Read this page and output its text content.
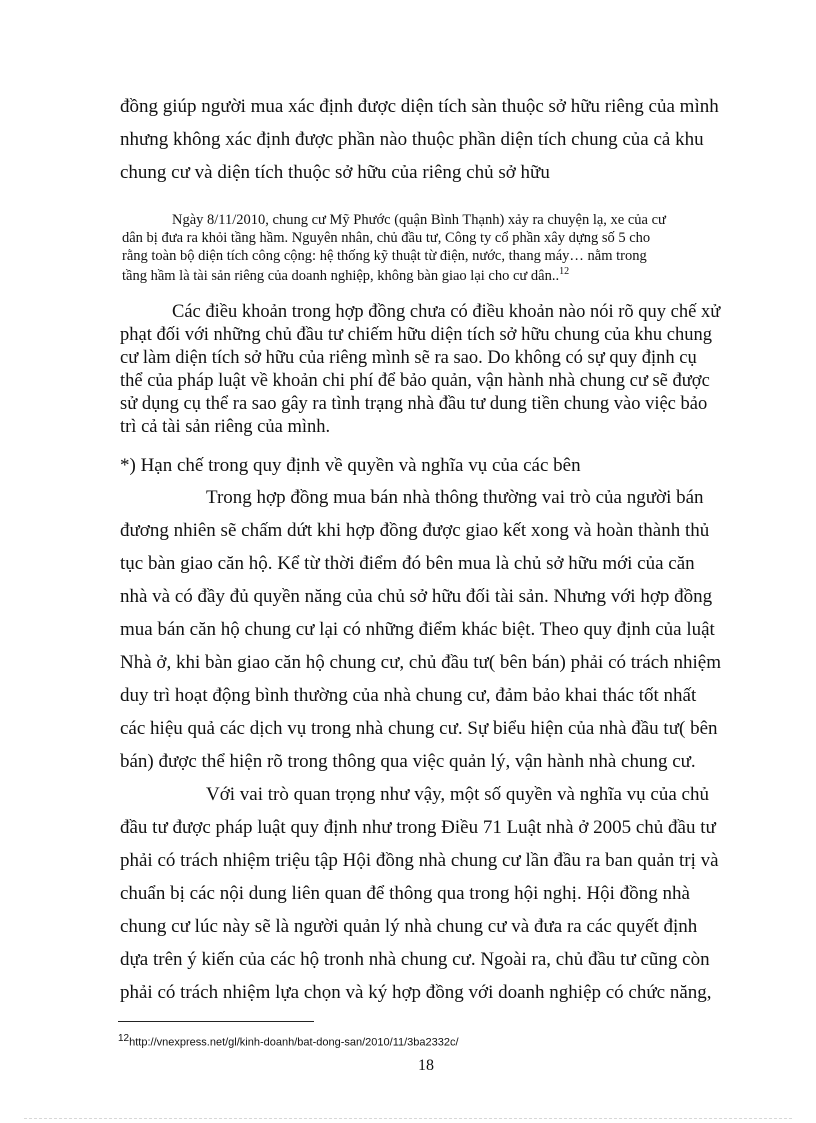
đồng giúp người mua xác định được diện tích sàn thuộc sở hữu riêng của mình
nhưng không xác định được phần nào thuộc phần diện tích chung của cả khu
chung cư và diện tích thuộc sở hữu của riêng chủ sở hữu
Ngày 8/11/2010, chung cư Mỹ Phước (quận Bình Thạnh) xảy ra chuyện lạ, xe của cư
dân bị đưa ra khỏi tầng hầm. Nguyên nhân, chủ đầu tư, Công ty cổ phần xây dựng số 5 cho
rằng toàn bộ diện tích công cộng: hệ thống kỹ thuật từ điện, nước, thang máy… nằm trong
tầng hầm là tài sản riêng của doanh nghiệp, không bàn giao lại cho cư dân..$^{12}$
Các điều khoản trong hợp đồng chưa có điều khoản nào nói rõ quy chế xử
phạt đối với những chủ đầu tư chiếm hữu diện tích sở hữu chung của khu chung
cư làm diện tích sở hữu của riêng mình sẽ ra sao. Do không có sự quy định cụ
thể của pháp luật về khoản chi phí để bảo quản, vận hành nhà chung cư sẽ được
sử dụng cụ thể ra sao gây ra tình trạng nhà đầu tư dung tiền chung vào việc bảo
trì cả tài sản riêng của mình.
*) Hạn chế trong quy định về quyền và nghĩa vụ của các bên
Trong hợp đồng mua bán nhà thông thường vai trò của người bán
đương nhiên sẽ chấm dứt khi hợp đồng được giao kết xong và hoàn thành thủ
tục bàn giao căn hộ. Kể từ thời điểm đó bên mua là chủ sở hữu mới của căn
nhà và có đầy đủ quyền năng của chủ sở hữu đối tài sản. Nhưng với hợp đồng
mua bán căn hộ chung cư lại có những điểm khác biệt. Theo quy định của luật
Nhà ở, khi bàn giao căn hộ chung cư, chủ đầu tư( bên bán) phải có trách nhiệm
duy trì hoạt động bình thường của nhà chung cư, đảm bảo khai thác tốt nhất
các hiệu quả các dịch vụ trong nhà chung cư. Sự biểu hiện của nhà đầu tư( bên
bán) được thể hiện rõ trong thông qua việc quản lý, vận hành nhà chung cư.
Với vai trò quan trọng như vậy, một số quyền và nghĩa vụ của chủ
đầu tư được pháp luật quy định như trong Điều 71 Luật nhà ở 2005 chủ đầu tư
phải có trách nhiệm triệu tập Hội đồng nhà chung cư lần đầu ra ban quản trị và
chuẩn bị các nội dung liên quan để thông qua trong hội nghị. Hội đồng nhà
chung cư lúc này sẽ là người quản lý nhà chung cư và đưa ra các quyết định
dựa trên ý kiến của các hộ tronh nhà chung cư. Ngoài ra, chủ đầu tư cũng còn
phải có trách nhiệm lựa chọn và ký hợp đồng với doanh nghiệp có chức năng,
$^{12}$http://vnexpress.net/gl/kinh-doanh/bat-dong-san/2010/11/3ba2332c/
18
